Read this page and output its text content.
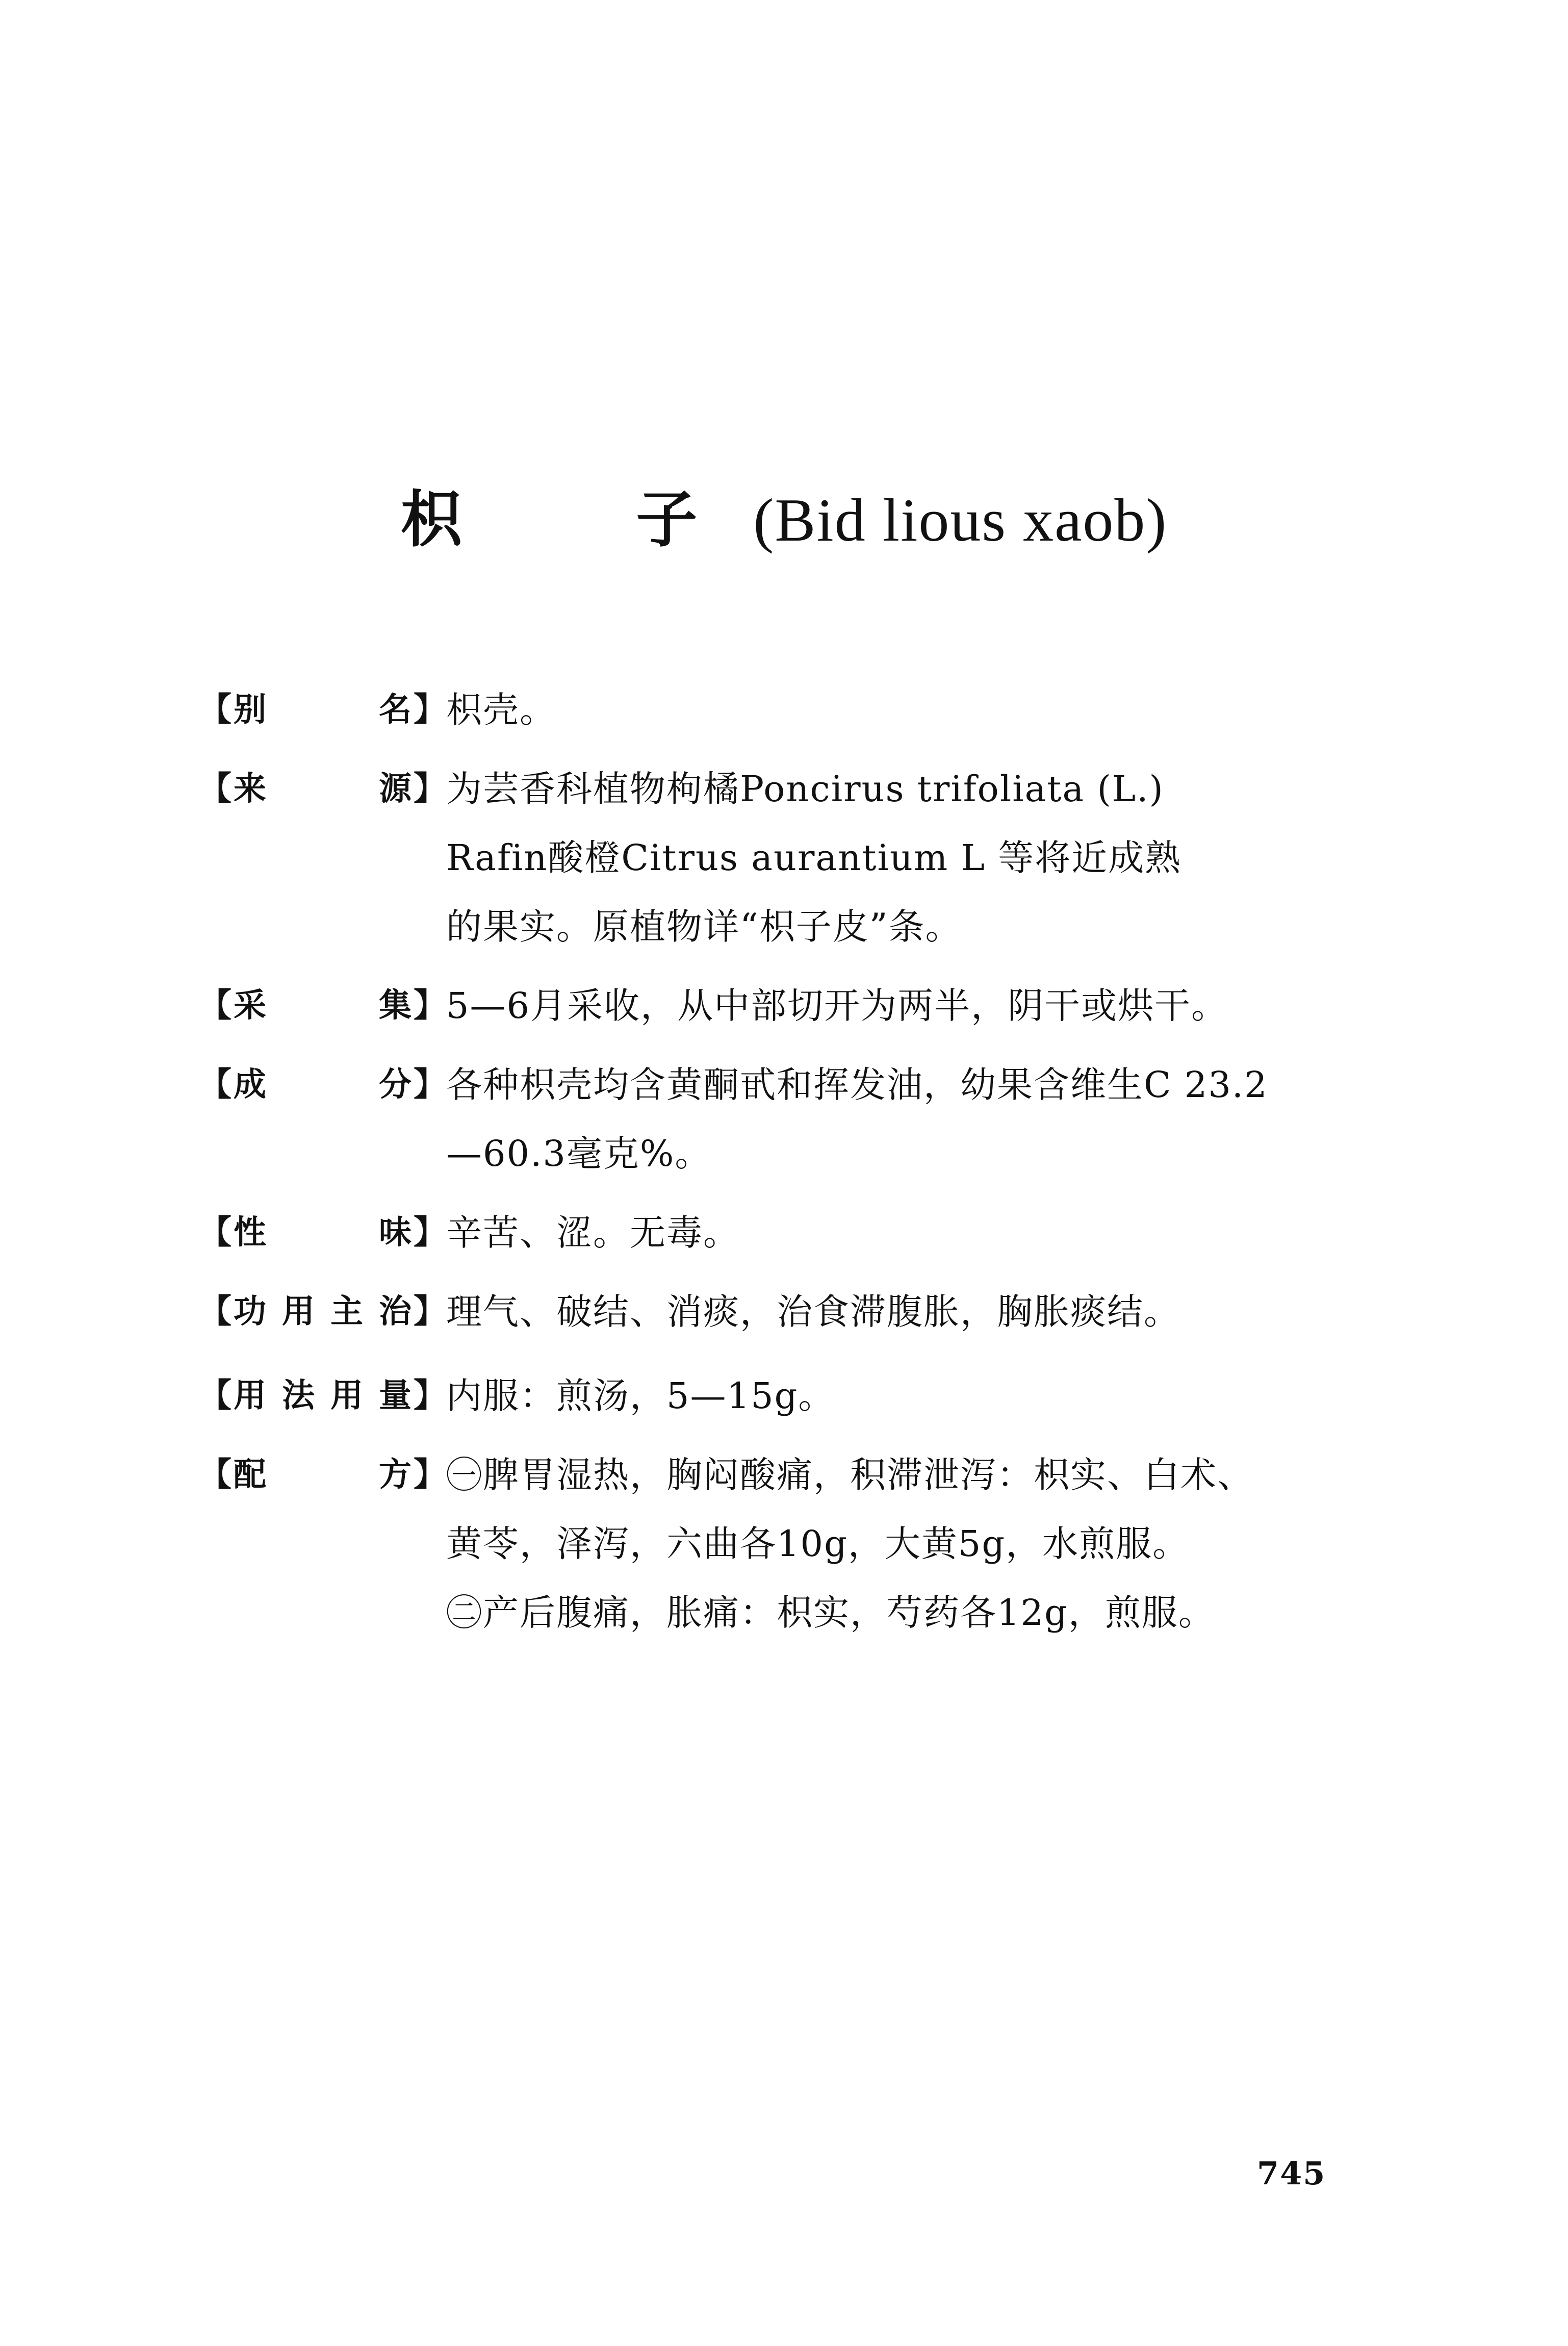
枳 子(Bid lious xaob)
【 别 名 】 枳壳。

【 来 源 】 为芸香科植物枸橘Poncirus trifoliata (L.)

Rafin酸橙Citrus aurantium L 等将近成熟

的果实。原植物详“枳子皮”条。

【 采 集 】 5—6月采收，从中部切开为两半，阴干或烘干。

【 成 分 】 各种枳壳均含黄酮甙和挥发油，幼果含维生C 23.2

—60.3毫克%。

【 性 味 】 辛苦、涩。无毒。

【 功用主治 】 理气、破结、消痰，治食滞腹胀，胸胀痰结。

【 用法用量 】 内服：煎汤，5—15g。

【 配 方 】 ㊀脾胃湿热，胸闷酸痛，积滞泄泻：枳实、白术、

黄苓，泽泻，六曲各10g，大黄5g，水煎服。

㊁产后腹痛，胀痛：枳实，芍药各12g，煎服。

745
